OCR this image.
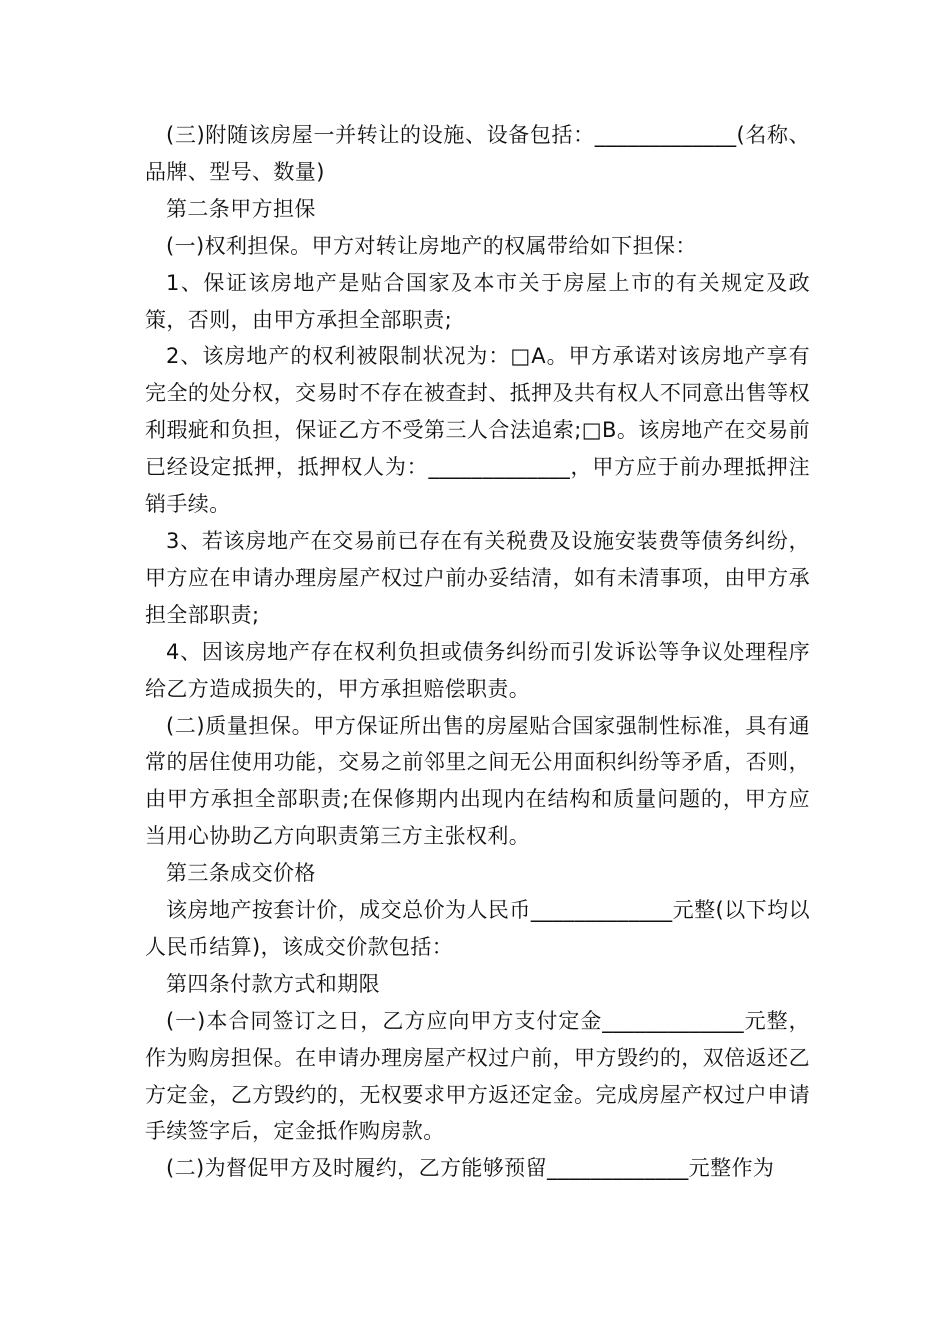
(三)附随该房屋一并转让的设施、设备包括：_____________(名称、品牌、型号、数量)

第二条甲方担保

(一)权利担保。甲方对转让房地产的权属带给如下担保：

1、保证该房地产是贴合国家及本市关于房屋上市的有关规定及政策，否则，由甲方承担全部职责;

2、该房地产的权利被限制状况为：□A。甲方承诺对该房地产享有完全的处分权，交易时不存在被查封、抵押及共有权人不同意出售等权利瑕疵和负担，保证乙方不受第三人合法追索;□B。该房地产在交易前已经设定抵押，抵押权人为：_____________，甲方应于前办理抵押注销手续。

3、若该房地产在交易前已存在有关税费及设施安装费等债务纠纷，甲方应在申请办理房屋产权过户前办妥结清，如有未清事项，由甲方承担全部职责;

4、因该房地产存在权利负担或债务纠纷而引发诉讼等争议处理程序给乙方造成损失的，甲方承担赔偿职责。

(二)质量担保。甲方保证所出售的房屋贴合国家强制性标准，具有通常的居住使用功能，交易之前邻里之间无公用面积纠纷等矛盾，否则，由甲方承担全部职责;在保修期内出现内在结构和质量问题的，甲方应当用心协助乙方向职责第三方主张权利。

第三条成交价格

该房地产按套计价，成交总价为人民币_____________元整(以下均以人民币结算)，该成交价款包括：

第四条付款方式和期限

(一)本合同签订之日，乙方应向甲方支付定金_____________元整，作为购房担保。在申请办理房屋产权过户前，甲方毁约的，双倍返还乙方定金，乙方毁约的，无权要求甲方返还定金。完成房屋产权过户申请手续签字后，定金抵作购房款。

(二)为督促甲方及时履约，乙方能够预留_____________元整作为
